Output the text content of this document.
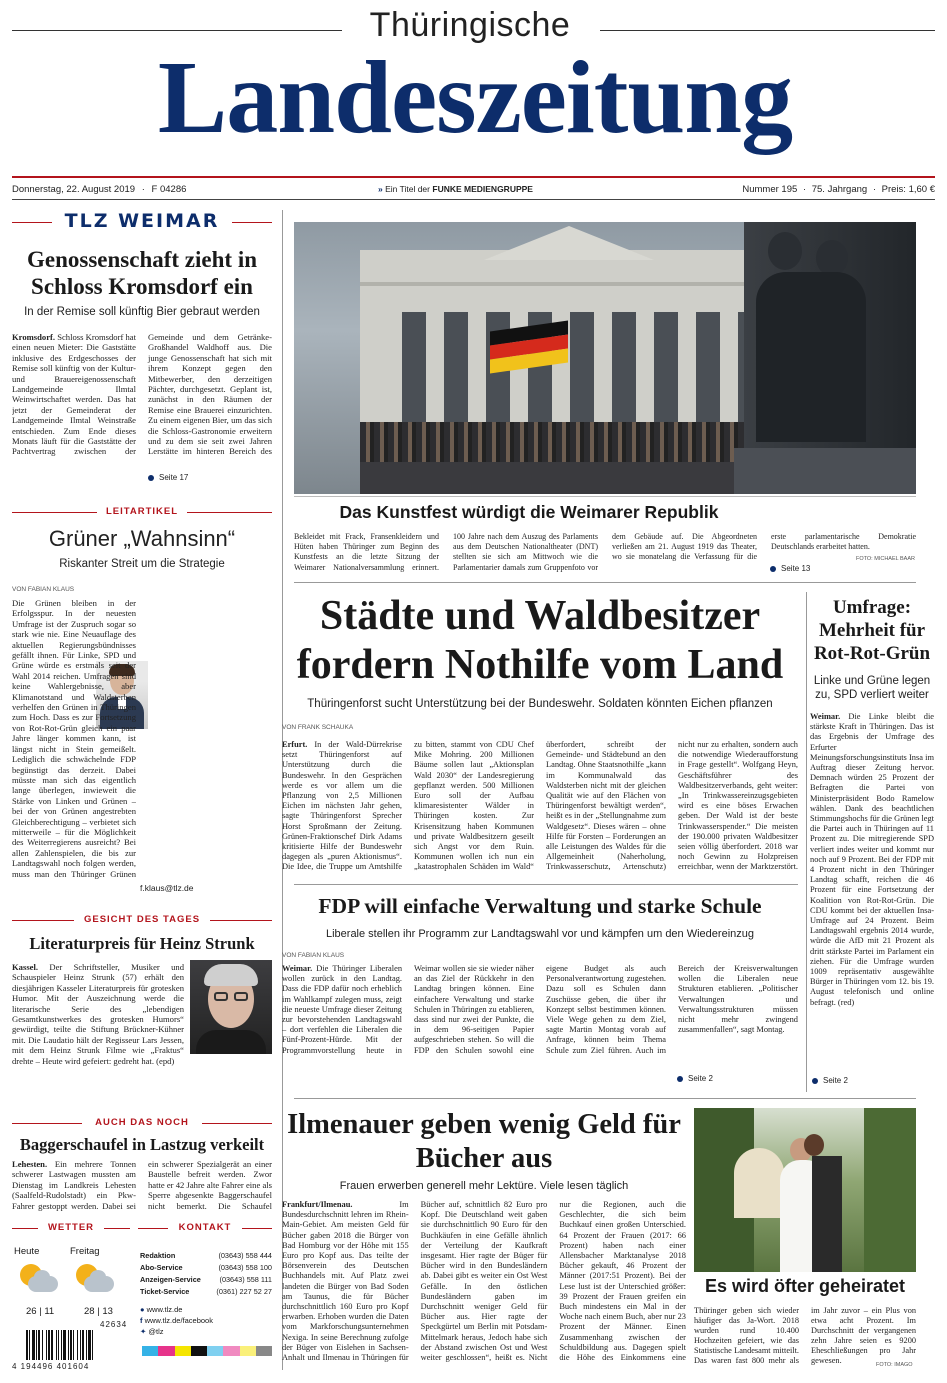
Thüringische
Landeszeitung
Donnerstag, 22. August 2019 · F 04286	» Ein Titel der FUNKE MEDIENGRUPPE	Nummer 195 · 75. Jahrgang · Preis: 1,60 €
TLZ WEIMAR
Genossenschaft zieht in Schloss Kromsdorf ein
In der Remise soll künftig Bier gebraut werden
Kromsdorf. Schloss Kromsdorf hat einen neuen Mieter: Die Gaststätte inklusive des Erdgeschosses der Remise soll künftig von der Kultur- und Brauereigenossenschaft Landgemeinde Ilmtal Weinwirtschaftet werden. Das hat jetzt der Gemeinderat der Landgemeinde Ilmtal Weinstraße entschieden. Zum Ende dieses Monats läuft für die Gaststätte der Pachtvertrag zwischen der Gemeinde und dem Getränke-Großhandel Waldhoff aus. Die junge Genossenschaft hat sich mit ihrem Konzept gegen den Mitbewerber, den derzeitigen Pächter, durchgesetzt. Geplant ist, zunächst in den Räumen der Remise eine Brauerei einzurichten. Zu einem eigenen Bier, um das sich die Schloss-Gastronomie erweitern und zu dem sie seit zwei Jahren Lerstätte im hinteren Bereich des
Seite 17
LEITARTIKEL
Grüner „Wahnsinn“
Riskanter Streit um die Strategie
VON FABIAN KLAUS
Die Grünen bleiben in der Erfolgsspur. In der neuesten Umfrage ist der Zuspruch sogar so stark wie nie. Eine Neuauflage des aktuellen Regierungsbündnisses gefällt ihnen. Für Linke, SPD und Grüne würde es erstmals seit der Wahl 2014 reichen. Umfragen sind keine Wahlergebnisse, aber Klimanotstand und Waldsterben verhelfen den Grünen in Thüringen zum Hoch. Dass es zur Fortsetzung von Rot-Rot-Grün gleich ein paar Jahre länger kommen kann, ist längst nicht in Stein gemeißelt. Lediglich die schwächelnde FDP begünstigt das derzeit. Dabei müsste man sich das eigentlich lange überlegen, inwieweit die Stärke von Linken und Grünen – bei der von Grünen angestrebten Gleichberechtigung – verbietet sich mitterweile – für die Möglichkeit des Weiterregierens ausreicht? Bei allen Zahlenspielen, die bis zur Landtagswahl noch folgen werden, muss man den Thüringer Grünen
f.klaus@tlz.de
GESICHT DES TAGES
Literaturpreis für Heinz Strunk
Kassel. Der Schriftsteller, Musiker und Schauspieler Heinz Strunk (57) erhält den diesjährigen Kasseler Literaturpreis für grotesken Humor. Mit der Auszeichnung werde die literarische Serie des „lebendigen Gesamtkunstwerkes des grotesken Humors“ gewürdigt, teilte die Stiftung Brückner-Kühner mit. Die Laudatio hält der Regisseur Lars Jessen, mit dem Heinz Strunk Filme wie „Fraktus“ drehte – Heute wird gefeiert: gedreht hat. (epd)
AUCH DAS NOCH
Baggerschaufel in Lastzug verkeilt
Lehesten. Ein mehrere Tonnen schwerer Lastwagen mussten am Dienstag im Landkreis Lehesten (Saalfeld-Rudolstadt) ein Pkw-Fahrer gestoppt werden. Dabei sei ein schwerer Spezialgerät an einer Baustelle befreit werden. Zwor hatte er 42 Jahre alte Fahrer eine als Sperre abgesenkte Baggerschaufel nicht bemerkt. Die Schaufel
WETTER
Heute	Freitag
26 | 11	28 | 13
KONTAKT
Redaktion	(03643) 558 444
Abo-Service	(03643) 558 100
Anzeigen-Service	(03643) 558 111
Ticket-Service	(0361) 227 52 27
● www.tlz.de
f www.tlz.de/facebook
✦ @tlz
42634
4 194496 401604
Das Kunstfest würdigt die Weimarer Republik
Bekleidet mit Frack, Fransenkleidern und Hüten haben Thüringer zum Beginn des Kunstfests an die letzte Sitzung der Weimarer Nationalversammlung erinnert. 100 Jahre nach dem Auszug des Parlaments aus dem Deutschen Nationaltheater (DNT) stellten sie sich am Mittwoch wie die Parlamentarier damals zum Gruppenfoto vor dem Gebäude auf. Die Abgeordneten verließen am 21. August 1919 das Theater, wo sie monatelang die Verfassung für die erste parlamentarische Demokratie Deutschlands erarbeitet hatten.
FOTO: MICHAEL BAAR
Seite 13
Städte und Waldbesitzer fordern Nothilfe vom Land
Thüringenforst sucht Unterstützung bei der Bundeswehr. Soldaten könnten Eichen pflanzen
VON FRANK SCHAUKA
Erfurt. In der Wald-Dürrekrise setzt Thüringenforst auf Unterstützung durch die Bundeswehr. In den Gesprächen werde es vor allem um die Pflanzung von 2,5 Millionen Eichen im nächsten Jahr gehen, sagte Thüringenforst Sprecher Horst Sproßmann der Zeitung. Grünen-Fraktionschef Dirk Adams kritisierte Hilfe der Bundeswehr dagegen als „puren Aktionismus“. Die Idee, die Truppe um Amtshilfe zu bitten, stammt von CDU Chef Mike Mohring. 200 Millionen Bäume sollen laut „Aktionsplan Wald 2030“ der Landesregierung gepflanzt werden. 500 Millionen Euro soll der Aufbau klimaresistenter Wälder in Thüringen kosten. Zur Krisensitzung haben Kommunen und private Waldbesitzern geseilt sich Angst vor dem Ruin. Kommunen wollen ich nun ein „katastrophalen Schäden im Wald“ überfordert, schreibt der Gemeinde- und Städtebund an den Landtag. Ohne Staatsnothilfe „kann im Kommunalwald das Waldsterben nicht mit der gleichen Qualität wie auf den Flächen von Thüringenforst bewältigt werden“, heißt es in der „Stellungnahme zum Waldgesetz“. Dieses wären – ohne Hilfe für Forsten – Forderungen an alle Leistungen des Waldes für die Allgemeinheit (Naherholung, Trinkwasserschutz, Artenschutz) nicht nur zu erhalten, sondern auch die notwendige Wiederaufforstung in Frage gestellt“. Wolfgang Heyn, Geschäftsführer des Waldbesitzerverbands, geht weiter: „In Trinkwassereinzugsgebieten wird es eine böses Erwachen geben. Der Wald ist der beste Trinkwasserspender.“ Die meisten der 190.000 privaten Waldbesitzer seien völlig überfordert. 2018 war noch Gewinn zu Holzpreisen erreichbar, wenn der Marktzerstört.
FDP will einfache Verwaltung und starke Schule
Liberale stellen ihr Programm zur Landtagswahl vor und kämpfen um den Wiedereinzug
VON FABIAN KLAUS
Weimar. Die Thüringer Liberalen wollen zurück in den Landtag. Dass die FDP dafür noch erheblich im Wahlkampf zulegen muss, zeigt die neueste Umfrage dieser Zeitung zur bevorstehenden Landtagswahl – dort verfehlen die Liberalen die Fünf-Prozent-Hürde. Mit der Programmvorstellung heute in Weimar wollen sie sie wieder näher an das Ziel der Rückkehr in den Landtag bringen können. Eine einfachere Verwaltung und starke Schulen in Thüringen zu etablieren, dass sind nur zwei der Punkte, die in dem 96-seitigen Papier aufgeschrieben stehen. So will die FDP den Schulen sowohl eine eigene Budget als auch Personalverantwortung zugestehen. Dazu soll es Schulen dann Zuschüsse geben, die über ihr Konzept selbst bestimmen können. Viele Wege gehen zu dem Ziel, sagte Martin Montag vorab auf Anfrage, können beim Thema Schule zum Ziel führen. Auch im Bereich der Kreisverwaltungen wollen die Liberalen neue Strukturen etablieren. „Politischer Verwaltungen und Verwaltungsstrukturen müssen nicht mehr zwingend zusammenfallen“, sagt Montag.
Seite 2
Umfrage: Mehrheit für Rot-Rot-Grün
Linke und Grüne legen zu, SPD verliert weiter
Weimar. Die Linke bleibt die stärkste Kraft in Thüringen. Das ist das Ergebnis der Umfrage des Erfurter Meinungsforschungsinstituts Insa im Auftrag dieser Zeitung hervor. Demnach würden 25 Prozent der Befragten die Partei von Ministerpräsident Bodo Ramelow wählen. Dank des beachtlichen Stimmungshochs für die Grünen legt die Partei auch in Thüringen auf 11 Prozent zu. Die mitregierende SPD verliert indes weiter und kommt nur noch auf 9 Prozent. Bei der FDP mit 4 Prozent nicht in den Thüringer Landtag schafft, reichen die 46 Prozent für eine Fortsetzung der Koalition von Rot-Rot-Grün. Die CDU kommt bei der aktuellen Insa-Umfrage auf 24 Prozent. Beim Landtagswahl ergebnis 2014 wurde, würde die AfD mit 21 Prozent als dritt stärkste Partei im Parlament ein ziehen. Für die Umfrage wurden 1009 repräsentativ ausgewählte Bürger in Thüringen vom 12. bis 19. August telefonisch und online befragt. (red)
Seite 2
Ilmenauer geben wenig Geld für Bücher aus
Frauen erwerben generell mehr Lektüre. Viele lesen täglich
Frankfurt/Ilmenau.	Im Bundesdurchschnitt lehren im Rhein-Main-Gebiet. Am meisten Geld für Bücher gaben 2018 die Bürger von Bad Homburg vor der Höhe mit 155 Euro pro Kopf aus. Das teilte der Börsenverein des Deutschen Buchhandels mit. Auf Platz zwei landeten die Bürger von Bad Soden am Taunus, die für Bücher durchschnittlich 160 Euro pro Kopf erwarben. Erhoben wurden die Daten vom Markforschungsunternehmen Nexiga. In seine Berechnung zufolge der Büger von Eislehen in Sachsen-Anhalt und Ilmenau in Thüringen für Bücher auf, schnittlich 82 Euro pro Kopf. Die Deutschland weit gaben sie durchschnittlich 90 Euro für den Buchkäufen in eine Gefälle ähnlich der Verteilung der Kaufkraft insgesamt. Hier ragte der Büger für Bücher wird in den Bundesländern ab. Dabei gibt es weiter ein Ost West Gefälle. In den östlichen Bundesländern gaben im Durchschnitt weniger Geld für Bücher aus. Hier ragte der Speckgürtel um Berlin mit Potsdam-Mittelmark heraus, Jedoch habe sich der Abstand zwischen Ost und West weiter geschlossen“, heißt es. Nicht nur die Regionen, auch die Geschlechter, die sich beim Buchkauf einen großen Unterschied. 64 Prozent der Frauen (2017: 66 Prozent) haben nach einer Allensbacher Marktanalyse 2018 Bücher gekauft, 46 Prozent der Männer (2017:51 Prozent). Bei der Lese lust ist der Unterschied größer: 39 Prozent der Frauen greifen ein Buch mindestens ein Mal in der Woche nach einem Buch, aber nur 23 Prozent der Männer. Einen Zusammenhang zwischen der Schuldbildung aus. Dagegen spielt die Höhe des Einkommens eine
Es wird öfter geheiratet
Thüringer geben sich wieder häufiger das Ja-Wort. 2018 wurden rund 10.400 Hochzeiten gefeiert, wie das Statistische Landesamt mitteilt. Das waren fast 800 mehr als im Jahr zuvor – ein Plus von etwa acht Prozent. Im Durchschnitt der vergangenen zehn Jahre seien es 9200 Eheschließungen pro Jahr gewesen.	FOTO: IMAGO
